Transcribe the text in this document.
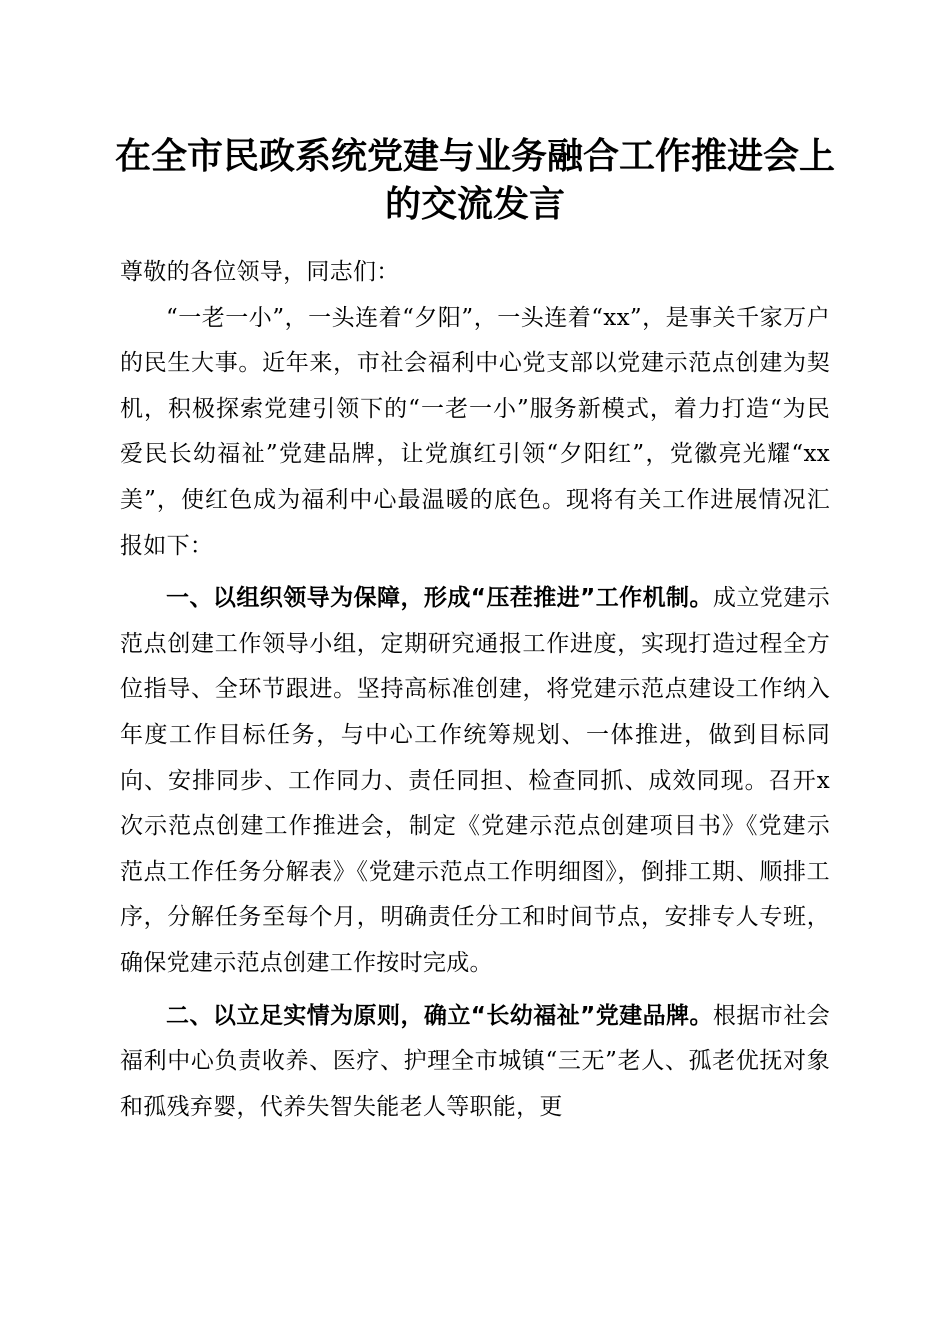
在全市民政系统党建与业务融合工作推进会上的交流发言

尊敬的各位领导，同志们：

“一老一小”，一头连着“夕阳”，一头连着“xx”，是事关千家万户的民生大事。近年来，市社会福利中心党支部以党建示范点创建为契机，积极探索党建引领下的“一老一小”服务新模式，着力打造“为民爱民长幼福祉”党建品牌，让党旗红引领“夕阳红”，党徽亮光耀“xx美”，使红色成为福利中心最温暖的底色。现将有关工作进展情况汇报如下：

一、以组织领导为保障，形成“压茬推进”工作机制。成立党建示范点创建工作领导小组，定期研究通报工作进度，实现打造过程全方位指导、全环节跟进。坚持高标准创建，将党建示范点建设工作纳入年度工作目标任务，与中心工作统筹规划、一体推进，做到目标同向、安排同步、工作同力、责任同担、检查同抓、成效同现。召开x次示范点创建工作推进会，制定《党建示范点创建项目书》《党建示范点工作任务分解表》《党建示范点工作明细图》，倒排工期、顺排工序，分解任务至每个月，明确责任分工和时间节点，安排专人专班，确保党建示范点创建工作按时完成。

二、以立足实情为原则，确立“长幼福祉”党建品牌。根据市社会福利中心负责收养、医疗、护理全市城镇“三无”老人、孤老优抚对象和孤残弃婴，代养失智失能老人等职能，更
